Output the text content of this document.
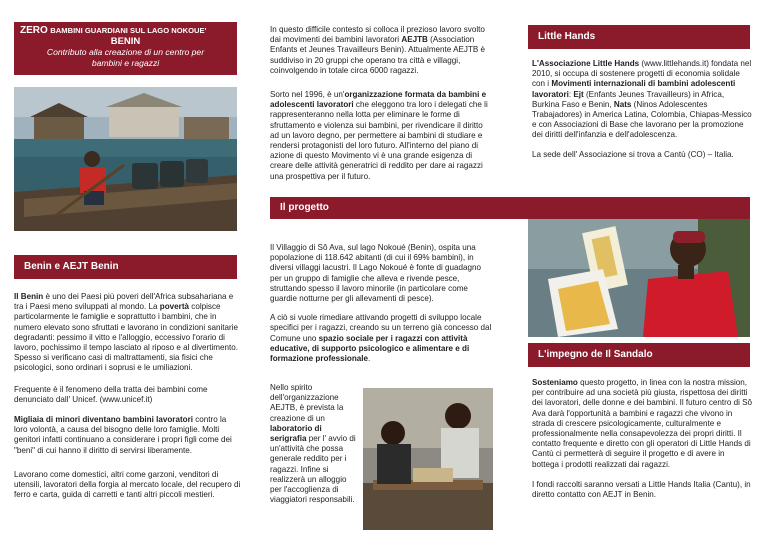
ZERO BAMBINI GUARDIANI SUL LAGO NOKOUE'
BENIN
Contributo alla creazione di un centro per bambini e ragazzi

In questo difficile contesto si colloca il prezioso lavoro svolto dai movimenti dei bambini lavoratori AEJTB (Association Enfants et Jeunes Travailleurs Benin). Attualmente AEJTB è suddiviso in 20 gruppi che operano tra città e villaggi, coinvolgendo in totale circa 6000 ragazzi.

Sorto nel 1996, è un'organizzazione formata da bambini e adolescenti lavoratori che eleggono tra loro i delegati che li rappresenteranno nella lotta per eliminare le forme di sfruttamento e violenza sui bambini, per rivendicare il diritto ad un lavoro degno, per permettere ai bambini di studiare e rendersi protagonisti del loro futuro. All'interno del piano di azione di questo Movimento vi è una grande esigenza di creare delle attività generatrici di reddito per dare ai ragazzi una prospettiva per il futuro.

Little Hands

L'Associazione Little Hands (www.littlehands.it) fondata nel 2010, si occupa di sostenere progetti di economia solidale con i Movimenti internazionali di bambini adolescenti lavoratori: Ejt (Enfants Jeunes Travailleurs) in Africa, Burkina Faso e Benin, Nats (Ninos Adolescentes Trabajadores) in America Latina, Colombia, Chiapas-Messico e con Associazioni di Base che lavorano per la promozione dei diritti dell'infanzia e dell'adolescenza.

La sede dell' Associazione si trova a Cantù (CO) – Italia.

Il progetto
Benin e AEJT Benin

Il Benin è uno dei Paesi più poveri dell'Africa subsahariana e tra i Paesi meno sviluppati al mondo. La povertà colpisce particolarmente le famiglie e soprattutto i bambini, che in numero elevato sono sfruttati e lavorano in condizioni sanitarie degradanti: pessimo il vitto e l'alloggio, eccessivo l'orario di lavoro, pochissimo il tempo lasciato al riposo e al divertimento. Spesso si verificano casi di maltrattamenti, sia fisici che psicologici, sono ordinari i soprusi e le umiliazioni.

Frequente è il fenomeno della tratta dei bambini come denunciato dall' Unicef. (www.unicef.it)

Migliaia di minori diventano bambini lavoratori contro la loro volontà, a causa del bisogno delle loro famiglie. Molti genitori infatti continuano a considerare i propri figli come dei "beni" di cui hanno il diritto di servirsi liberamente.

Lavorano come domestici, altri come garzoni, venditori di utensili, lavoratori della forgia al mercato locale, del recupero di ferro e carta, guida di carretti e tanti altri piccoli mestieri.

Il Villaggio di Sô Ava, sul lago Nokoué (Benin), ospita una popolazione di 118.642 abitanti (di cui il 69% bambini), in diversi villaggi lacustri. Il Lago Nokoué è fonte di guadagno per un gruppo di famiglie che alleva e rivende pesce, struttando spesso il lavoro minorile (in particolare come guardie notturne per gli allevamenti di pesce).

A ciò si vuole rimediare attivando progetti di sviluppo locale specifici per i ragazzi, creando su un terreno già concesso dal Comune uno spazio sociale per i ragazzi con attività educative, di supporto psicologico e alimentare e di formazione professionale.

Nello spirito dell'organizzazione AEJTB, è prevista la creazione di un laboratorio di serigrafia per l' avvio di un'attività che possa generale reddito per i ragazzi. Infine si realizzerà un alloggio per l'accoglienza di viaggiatori responsabili.

L'impegno de Il Sandalo

Sosteniamo questo progetto, in linea con la nostra mission, per contribuire ad una società più giusta, rispettosa dei diritti dei lavoratori, delle donne e dei bambini. Il futuro centro di Sô Ava darà l'opportunità a bambini e ragazzi che vivono in strada di crescere psicologicamente, culturalmente e professionalmente nella consapevolezza dei propri diritti. Il contatto frequente e diretto con gli operatori di Little Hands di Cantù ci permetterà di seguire il progetto e di avere in bottega i prodotti realizzati dai ragazzi.

I fondi raccolti saranno versati a Little Hands Italia (Cantu), in diretto contatto con AEJT in Benin.
